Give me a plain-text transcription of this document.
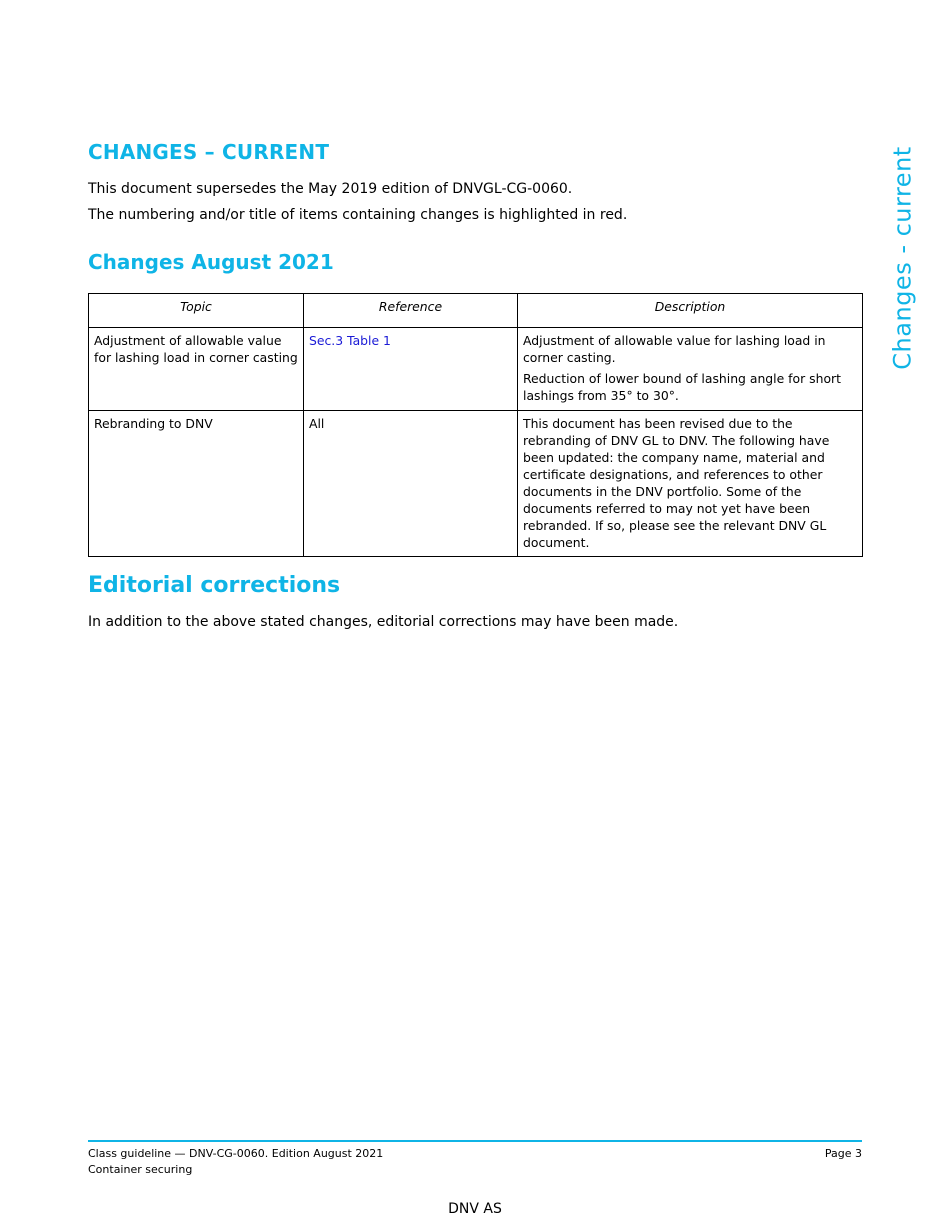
CHANGES – CURRENT	Changes - current

This document supersedes the May 2019 edition of DNVGL-CG-0060.

The numbering and/or title of items containing changes is highlighted in red.

Changes August 2021
Topic	Reference	Description
Adjustment of allowable value for lashing load in corner casting	Sec.3 Table 1	Adjustment of allowable value for lashing load in corner casting.

Reduction of lower bound of lashing angle for short lashings from 35° to 30°.

Rebranding to DNV	All	This document has been revised due to the rebranding of DNV GL to DNV. The following have been updated: the company name, material and certificate designations, and references to other documents in the DNV portfolio. Some of the documents referred to may not yet have been rebranded. If so, please see the relevant DNV GL document.

Editorial corrections

In addition to the above stated changes, editorial corrections may have been made.

Class guideline — DNV-CG-0060. Edition August 2021

Container securing

Page 3

DNV AS
